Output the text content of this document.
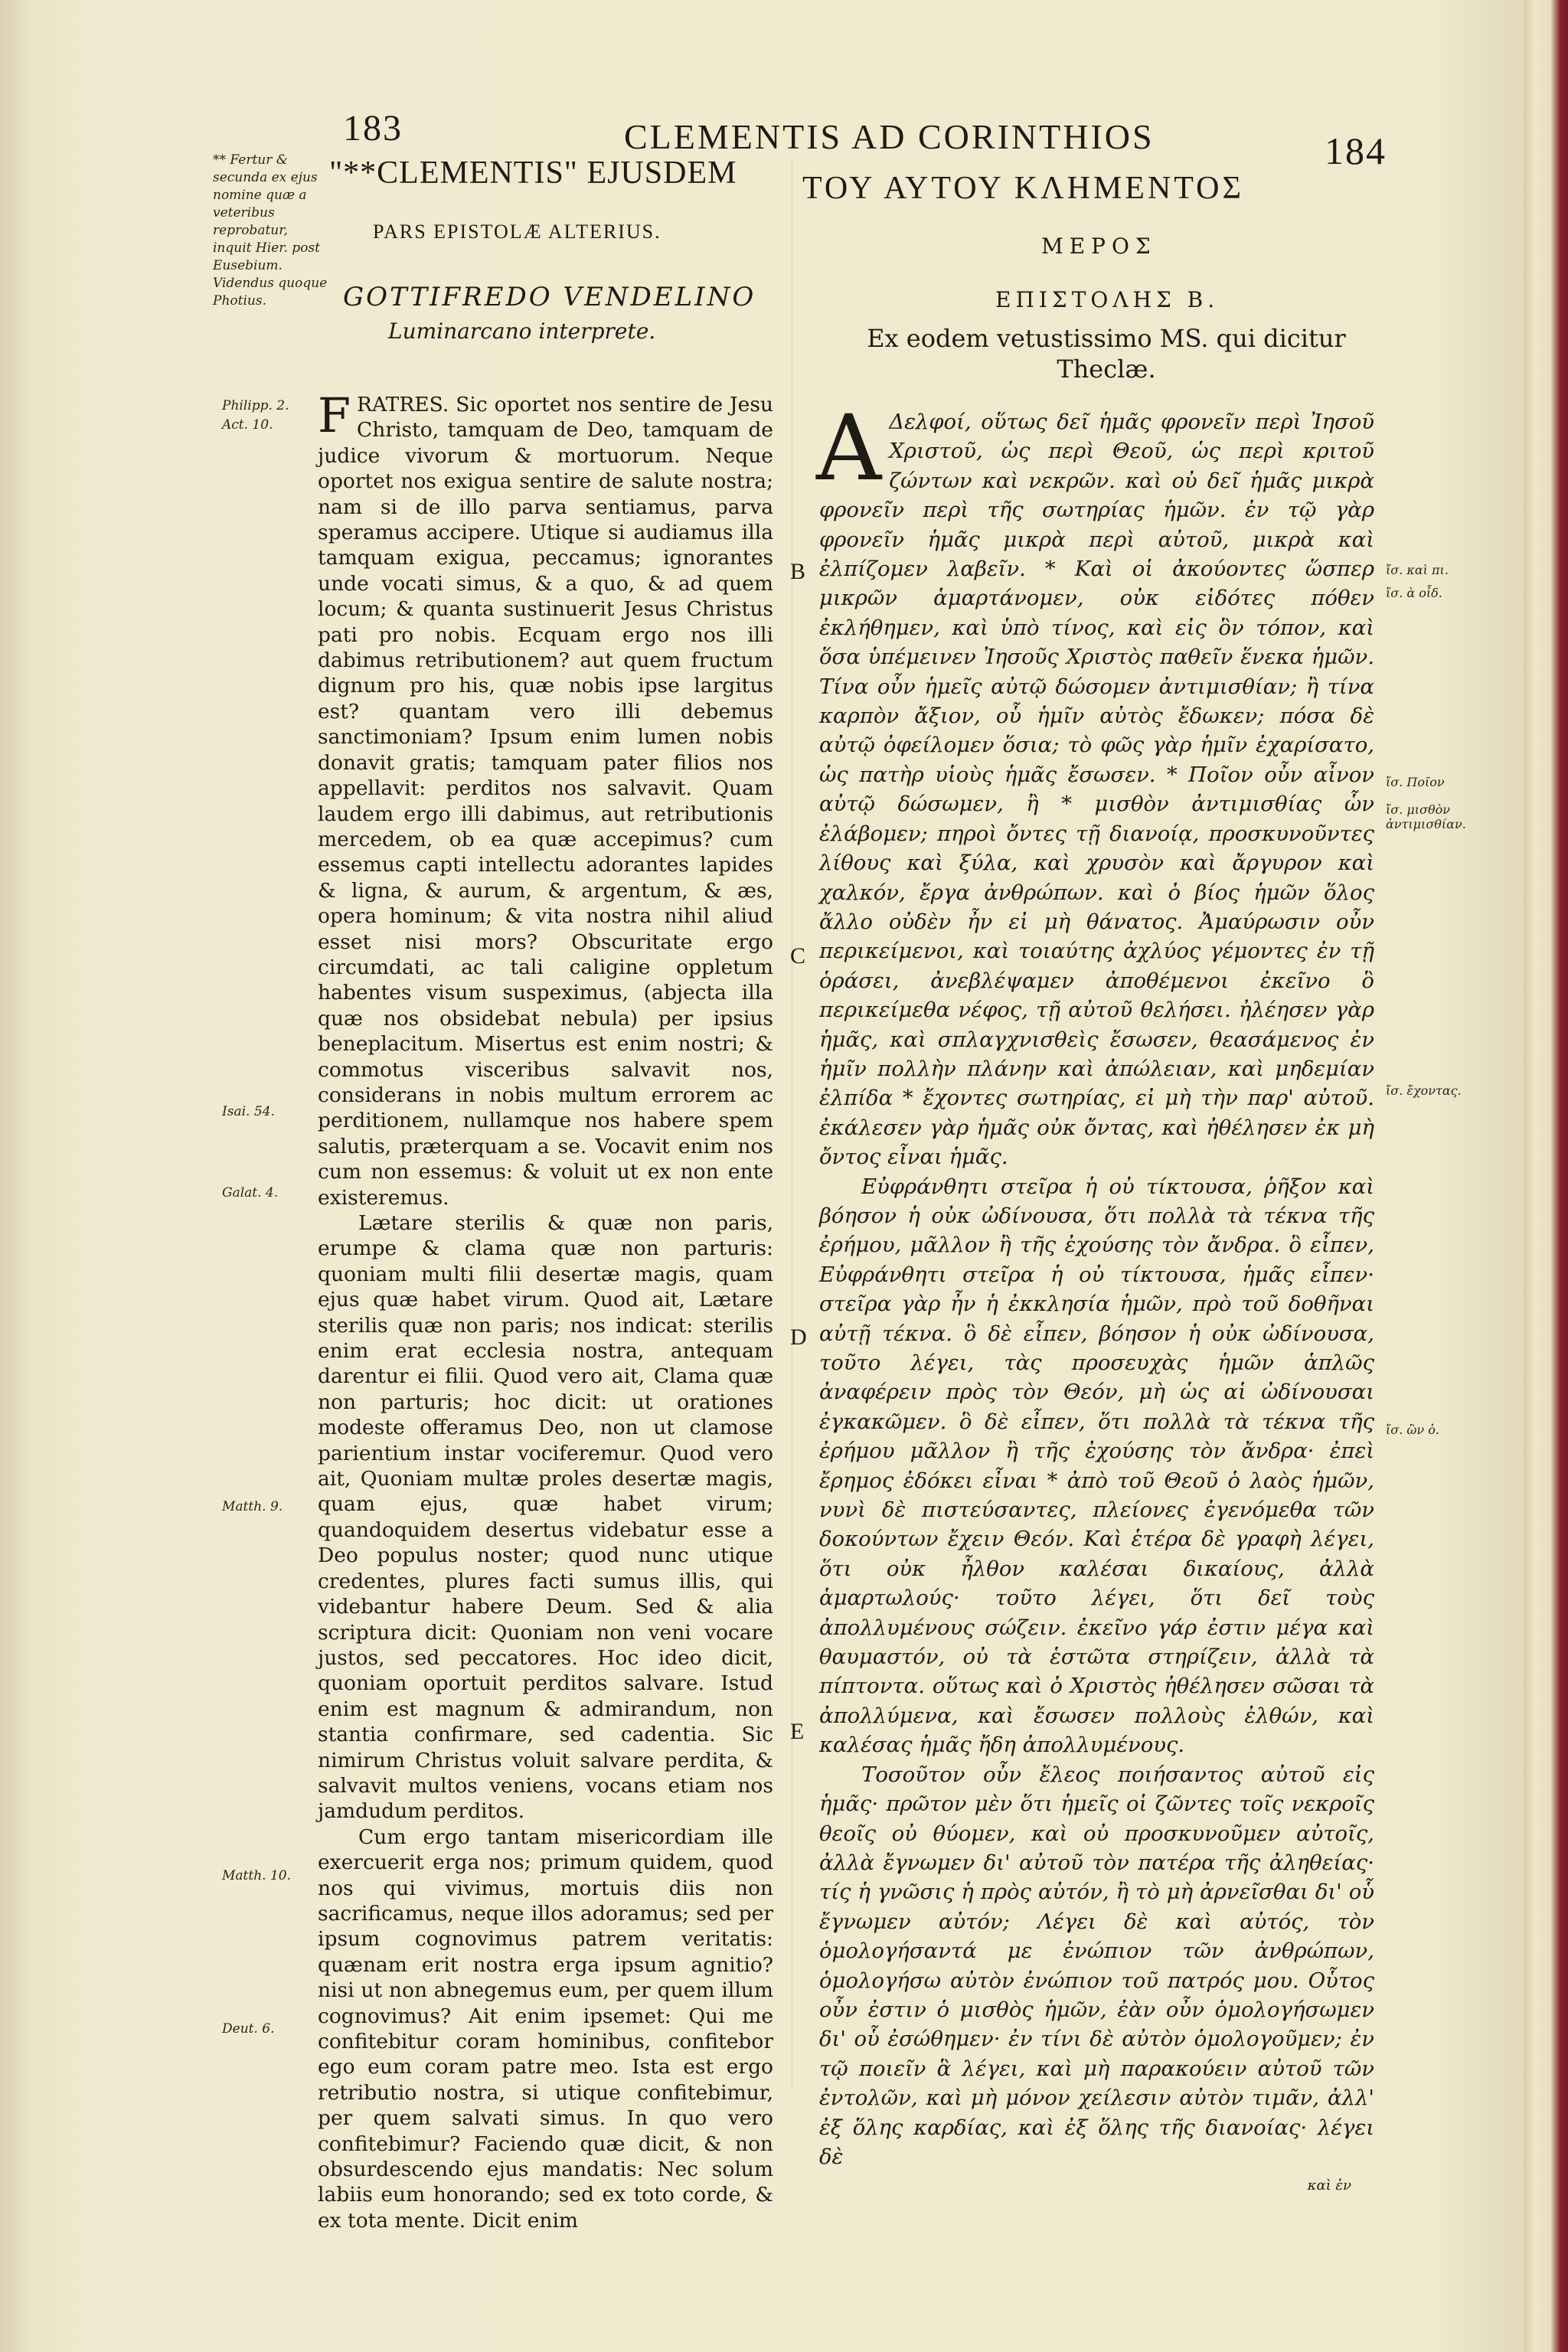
183	CLEMENTIS AD CORINTHIOS	184
** Fertur & secunda ex ejus nomine quæ a veteribus reprobatur, inquit Hier. post Eusebium. Videndus quoque Photius.
"**CLEMENTIS" EJUSDEM ΤΟΥ ΑΥΤΟΥ ΚΛΗΜΕΝΤΟΣ
PARS EPISTOLÆ ALTERIUS.
ΜΕΡΟΣ
ΕΠΙΣΤΟΛΗΣ Β.
GOTTIFREDO VENDELINO
Luminarcano interprete.	Ex eodem vetustissimo MS. qui dicitur Theclæ.

F RATRES. Sic oportet nos sentire de Jesu Christo, tamquam de Deo, tamquam de judice vivorum & mortuorum. Neque oportet nos exigua sentire de salute nostra; nam si de illo parva sentiamus, parva speramus accipere. Utique si audiamus illa tamquam exigua, peccamus; ignorantes unde vocati simus, & a quo, & ad quem locum; & quanta sustinuerit Jesus Christus pati pro nobis. Ecquam ergo nos illi dabimus retributionem? aut quem fructum dignum pro his, quæ nobis ipse largitus est? quantam vero illi debemus sanctimoniam? Ipsum enim lumen nobis donavit gratis; tamquam pater filios nos appellavit: perditos nos salvavit. Quam laudem ergo illi dabimus, aut retributionis mercedem, ob ea quæ accepimus? cum essemus capti intellectu adorantes lapides & ligna, & aurum, & argentum, & æs, opera hominum; & vita nostra nihil aliud esset nisi mors? Obscuritate ergo circumdati, ac tali caligine oppletum habentes visum suspeximus, (abjecta illa quæ nos obsidebat nebula) per ipsius beneplacitum. Misertus est enim nostri; & commotus visceribus salvavit nos, considerans in nobis multum errorem ac perditionem, nullamque nos habere spem salutis, præterquam a se. Vocavit enim nos cum non essemus: & voluit ut ex non ente existeremus.

Lætare sterilis & quæ non paris, erumpe & clama quæ non parturis: quoniam multi filii desertæ magis, quam ejus quæ habet virum. Quod ait, Lætare sterilis quæ non paris; nos indicat: sterilis enim erat ecclesia nostra, antequam darentur ei filii. Quod vero ait, Clama quæ non parturis; hoc dicit: ut orationes modeste offeramus Deo, non ut clamose parientium instar vociferemur. Quod vero ait, Quoniam multæ proles desertæ magis, quam ejus, quæ habet virum; quandoquidem desertus videbatur esse a Deo populus noster; quod nunc utique credentes, plures facti sumus illis, qui videbantur habere Deum. Sed & alia scriptura dicit: Quoniam non veni vocare justos, sed peccatores. Hoc ideo dicit, quoniam oportuit perditos salvare. Istud enim est magnum & admirandum, non stantia confirmare, sed cadentia. Sic nimirum Christus voluit salvare perdita, & salvavit multos veniens, vocans etiam nos jamdudum perditos.

Cum ergo tantam misericordiam ille exercuerit erga nos; primum quidem, quod nos qui vivimus, mortuis diis non sacrificamus, neque illos adoramus; sed per ipsum cognovimus patrem veritatis: quænam erit nostra erga ipsum agnitio? nisi ut non abnegemus eum, per quem illum cognovimus? Ait enim ipsemet: Qui me confitebitur coram hominibus, confitebor ego eum coram patre meo. Ista est ergo retributio nostra, si utique confitebimur, per quem salvati simus. In quo vero confitebimur? Faciendo quæ dicit, & non obsurdescendo ejus mandatis: Nec solum labiis eum honorando; sed ex toto corde, & ex tota mente. Dicit enim

Α Δελφοί, οὕτως δεῖ ἡμᾶς φρονεῖν περὶ Ἰησοῦ Χριστοῦ, ὡς περὶ Θεοῦ, ὡς περὶ κριτοῦ ζώντων καὶ νεκρῶν. καὶ οὐ δεῖ ἡμᾶς μικρὰ φρονεῖν περὶ τῆς σωτηρίας ἡμῶν. ἐν τῷ γὰρ φρονεῖν ἡμᾶς μικρὰ περὶ αὐτοῦ, μικρὰ καὶ ἐλπίζομεν λαβεῖν. * Καὶ οἱ ἀκούοντες ὥσπερ μικρῶν ἁμαρτάνομεν, οὐκ εἰδότες πόθεν ἐκλήθημεν, καὶ ὑπὸ τίνος, καὶ εἰς ὃν τόπον, καὶ ὅσα ὑπέμεινεν Ἰησοῦς Χριστὸς παθεῖν ἕνεκα ἡμῶν. Τίνα οὖν ἡμεῖς αὐτῷ δώσομεν ἀντιμισθίαν; ἢ τίνα καρπὸν ἄξιον, οὗ ἡμῖν αὐτὸς ἔδωκεν; πόσα δὲ αὐτῷ ὀφείλομεν ὅσια; τὸ φῶς γὰρ ἡμῖν ἐχαρίσατο, ὡς πατὴρ υἱοὺς ἡμᾶς ἔσωσεν. * Ποῖον οὖν αἶνον αὐτῷ δώσωμεν, ἢ * μισθὸν ἀντιμισθίας ὧν ἐλάβομεν; πηροὶ ὄντες τῇ διανοίᾳ, προσκυνοῦντες λίθους καὶ ξύλα, καὶ χρυσὸν καὶ ἄργυρον καὶ χαλκόν, ἔργα ἀνθρώπων. καὶ ὁ βίος ἡμῶν ὅλος ἄλλο οὐδὲν ἦν εἰ μὴ θάνατος. Ἀμαύρωσιν οὖν περικείμενοι, καὶ τοιαύτης ἀχλύος γέμοντες ἐν τῇ ὁράσει, ἀνεβλέψαμεν ἀποθέμενοι ἐκεῖνο ὃ περικείμεθα νέφος, τῇ αὐτοῦ θελήσει. ἠλέησεν γὰρ ἡμᾶς, καὶ σπλαγχνισθεὶς ἔσωσεν, θεασάμενος ἐν ἡμῖν πολλὴν πλάνην καὶ ἀπώλειαν, καὶ μηδεμίαν ἐλπίδα * ἔχοντες σωτηρίας, εἰ μὴ τὴν παρ' αὐτοῦ. ἐκάλεσεν γὰρ ἡμᾶς οὐκ ὄντας, καὶ ἠθέλησεν ἐκ μὴ ὄντος εἶναι ἡμᾶς.

Εὐφράνθητι στεῖρα ἡ οὐ τίκτουσα, ῥῆξον καὶ βόησον ἡ οὐκ ὠδίνουσα, ὅτι πολλὰ τὰ τέκνα τῆς ἐρήμου, μᾶλλον ἢ τῆς ἐχούσης τὸν ἄνδρα. ὃ εἶπεν, Εὐφράνθητι στεῖρα ἡ οὐ τίκτουσα, ἡμᾶς εἶπεν· στεῖρα γὰρ ἦν ἡ ἐκκλησία ἡμῶν, πρὸ τοῦ δοθῆναι αὐτῇ τέκνα. ὃ δὲ εἶπεν, βόησον ἡ οὐκ ὠδίνουσα, τοῦτο λέγει, τὰς προσευχὰς ἡμῶν ἁπλῶς ἀναφέρειν πρὸς τὸν Θεόν, μὴ ὡς αἱ ὠδίνουσαι ἐγκακῶμεν. ὃ δὲ εἶπεν, ὅτι πολλὰ τὰ τέκνα τῆς ἐρήμου μᾶλλον ἢ τῆς ἐχούσης τὸν ἄνδρα· ἐπεὶ ἔρημος ἐδόκει εἶναι * ἀπὸ τοῦ Θεοῦ ὁ λαὸς ἡμῶν, νυνὶ δὲ πιστεύσαντες, πλείονες ἐγενόμεθα τῶν δοκούντων ἔχειν Θεόν. Καὶ ἑτέρα δὲ γραφὴ λέγει, ὅτι οὐκ ἦλθον καλέσαι δικαίους, ἀλλὰ ἁμαρτωλούς· τοῦτο λέγει, ὅτι δεῖ τοὺς ἀπολλυμένους σώζειν. ἐκεῖνο γάρ ἐστιν μέγα καὶ θαυμαστόν, οὐ τὰ ἑστῶτα στηρίζειν, ἀλλὰ τὰ πίπτοντα. οὕτως καὶ ὁ Χριστὸς ἠθέλησεν σῶσαι τὰ ἀπολλύμενα, καὶ ἔσωσεν πολλοὺς ἐλθών, καὶ καλέσας ἡμᾶς ἤδη ἀπολλυμένους.

Τοσοῦτον οὖν ἔλεος ποιήσαντος αὐτοῦ εἰς ἡμᾶς· πρῶτον μὲν ὅτι ἡμεῖς οἱ ζῶντες τοῖς νεκροῖς θεοῖς οὐ θύομεν, καὶ οὐ προσκυνοῦμεν αὐτοῖς, ἀλλὰ ἔγνωμεν δι' αὐτοῦ τὸν πατέρα τῆς ἀληθείας· τίς ἡ γνῶσις ἡ πρὸς αὐτόν, ἢ τὸ μὴ ἀρνεῖσθαι δι' οὗ ἔγνωμεν αὐτόν; Λέγει δὲ καὶ αὐτός, τὸν ὁμολογήσαντά με ἐνώπιον τῶν ἀνθρώπων, ὁμολογήσω αὐτὸν ἐνώπιον τοῦ πατρός μου. Οὗτος οὖν ἐστιν ὁ μισθὸς ἡμῶν, ἐὰν οὖν ὁμολογήσωμεν δι' οὗ ἐσώθημεν· ἐν τίνι δὲ αὐτὸν ὁμολογοῦμεν; ἐν τῷ ποιεῖν ἃ λέγει, καὶ μὴ παρακούειν αὐτοῦ τῶν ἐντολῶν, καὶ μὴ μόνον χείλεσιν αὐτὸν τιμᾶν, ἀλλ' ἐξ ὅλης καρδίας, καὶ ἐξ ὅλης τῆς διανοίας· λέγει δὲ

καὶ ἐν
Philipp. 2.
Act. 10.
Isai. 54.
Galat. 4.
Matth. 9.
Matth. 10.
Deut. 6.
B
C
D
E
ἴσ. καὶ πι.
ἴσ. ὰ οἶδ.
ἴσ. Ποῖον
ἴσ. μισθὸν ἀντιμισθίαν.
ἴσ. ἔχοντας.
ἴσ. ὢν ὁ.
